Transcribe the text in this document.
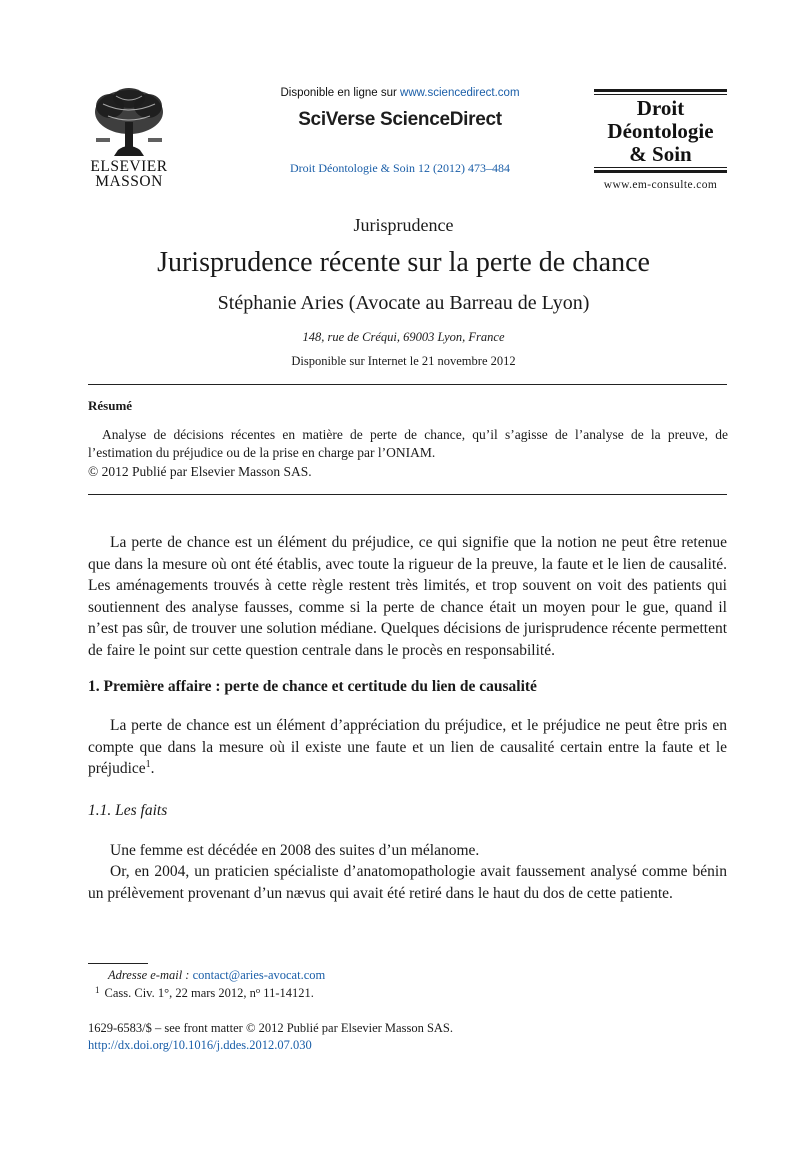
ELSEVIER
MASSON
Disponible en ligne sur www.sciencedirect.com
SciVerse ScienceDirect
Droit Déontologie & Soin 12 (2012) 473–484
Droit
Déontologie
& Soin
www.em-consulte.com
Jurisprudence
Jurisprudence récente sur la perte de chance
Stéphanie Aries (Avocate au Barreau de Lyon)
148, rue de Créqui, 69003 Lyon, France
Disponible sur Internet le 21 novembre 2012
Résumé
Analyse de décisions récentes en matière de perte de chance, qu’il s’agisse de l’analyse de la preuve, de l’estimation du préjudice ou de la prise en charge par l’ONIAM.
© 2012 Publié par Elsevier Masson SAS.

La perte de chance est un élément du préjudice, ce qui signifie que la notion ne peut être retenue que dans la mesure où ont été établis, avec toute la rigueur de la preuve, la faute et le lien de causalité. Les aménagements trouvés à cette règle restent très limités, et trop souvent on voit des patients qui soutiennent des analyse fausses, comme si la perte de chance était un moyen pour le gue, quand il n’est pas sûr, de trouver une solution médiane. Quelques décisions de jurisprudence récente permettent de faire le point sur cette question centrale dans le procès en responsabilité.

1. Première affaire : perte de chance et certitude du lien de causalité

La perte de chance est un élément d’appréciation du préjudice, et le préjudice ne peut être pris en compte que dans la mesure où il existe une faute et un lien de causalité certain entre la faute et le préjudice$^1$.

1.1. Les faits

Une femme est décédée en 2008 des suites d’un mélanome.

Or, en 2004, un praticien spécialiste d’anatomopathologie avait faussement analysé comme bénin un prélèvement provenant d’un nævus qui avait été retiré dans le haut du dos de cette patiente.

Adresse e-mail : contact@aries-avocat.com
$^1$ Cass. Civ. 1°, 22 mars 2012, $n^o$ 11-14121.
1629-6583/$ – see front matter © 2012 Publié par Elsevier Masson SAS.
http://dx.doi.org/10.1016/j.ddes.2012.07.030
